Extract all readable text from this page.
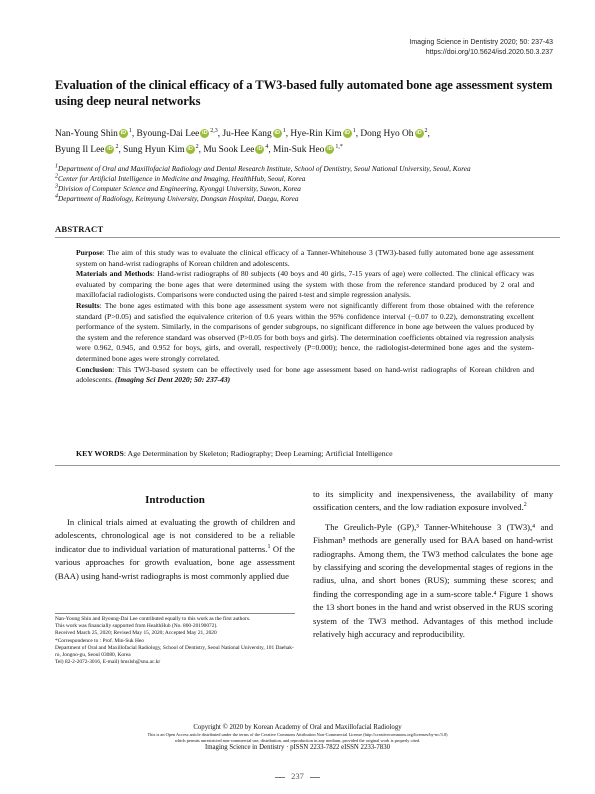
Imaging Science in Dentistry 2020; 50: 237-43
https://doi.org/10.5624/isd.2020.50.3.237
Evaluation of the clinical efficacy of a TW3-based fully automated bone age assessment system using deep neural networks
Nan-Young Shin iD $^1$, Byoung-Dai Lee iD $^{2,3}$, Ju-Hee Kang iD $^1$, Hye-Rin Kim iD $^1$, Dong Hyo Oh iD $^2$,
Byung Il Lee iD $^2$, Sung Hyun Kim iD $^2$, Mu Sook Lee iD $^4$, Min-Suk Heo iD $^{1,*}$
$^1$Department of Oral and Maxillofacial Radiology and Dental Research Institute, School of Dentistry, Seoul National University, Seoul, Korea
$^2$Center for Artificial Intelligence in Medicine and Imaging, HealthHub, Seoul, Korea
$^3$Division of Computer Science and Engineering, Kyonggi University, Suwon, Korea
$^4$Department of Radiology, Keimyung University, Dongsan Hospital, Daegu, Korea
ABSTRACT

Purpose: The aim of this study was to evaluate the clinical efficacy of a Tanner-Whitehouse 3 (TW3)-based fully automated bone age assessment system on hand-wrist radiographs of Korean children and adolescents.

Materials and Methods: Hand-wrist radiographs of 80 subjects (40 boys and 40 girls, 7-15 years of age) were collected. The clinical efficacy was evaluated by comparing the bone ages that were determined using the system with those from the reference standard produced by 2 oral and maxillofacial radiologists. Comparisons were conducted using the paired t-test and simple regression analysis.

Results: The bone ages estimated with this bone age assessment system were not significantly different from those obtained with the reference standard (P>0.05) and satisfied the equivalence criterion of 0.6 years within the 95% confidence interval (−0.07 to 0.22), demonstrating excellent performance of the system. Similarly, in the comparisons of gender subgroups, no significant difference in bone age between the values produced by the system and the reference standard was observed (P>0.05 for both boys and girls). The determination coefficients obtained via regression analysis were 0.962, 0.945, and 0.952 for boys, girls, and overall, respectively (P=0.000); hence, the radiologist-determined bone ages and the system-determined bone ages were strongly correlated.

Conclusion: This TW3-based system can be effectively used for bone age assessment based on hand-wrist radiographs of Korean children and adolescents. (Imaging Sci Dent 2020; 50: 237-43)

KEY WORDS: Age Determination by Skeleton; Radiography; Deep Learning; Artificial Intelligence
Introduction

In clinical trials aimed at evaluating the growth of children and adolescents, chronological age is not considered to be a reliable indicator due to individual variation of maturational patterns.$^1$ Of the various approaches for growth evaluation, bone age assessment (BAA) using hand-wrist radiographs is most commonly applied due

to its simplicity and inexpensiveness, the availability of many ossification centers, and the low radiation exposure involved.$^2$

The Greulich-Pyle (GP),³ Tanner-Whitehouse 3 (TW3),⁴ and Fishman⁵ methods are generally used for BAA based on hand-wrist radiographs. Among them, the TW3 method calculates the bone age by classifying and scoring the developmental stages of regions in the radius, ulna, and short bones (RUS); summing these scores; and finding the corresponding age in a sum-score table.⁴ Figure 1 shows the 13 short bones in the hand and wrist observed in the RUS scoring system of the TW3 method. Advantages of this method include relatively high accuracy and reproducibility.

Nan-Young Shin and Byoung-Dai Lee contributed equally to this work as the first authors.
This work was financially supported from HealthHub (No. 800-20190072).
Received March 25, 2020; Revised May 15, 2020; Accepted May 21, 2020
*Correspondence to : Prof. Min-Suk Heo
Department of Oral and Maxillofacial Radiology, School of Dentistry, Seoul National University, 101 Daehak-ro, Jongno-gu, Seoul 03080, Korea
Tel) 82-2-2072-3016, E-mail) hmslsh@snu.ac.kr
Copyright © 2020 by Korean Academy of Oral and Maxillofacial Radiology
This is an Open Access article distributed under the terms of the Creative Commons Attribution Non-Commercial License (http://creativecommons.org/licenses/by-nc/3.0)
which permits unrestricted non-commercial use, distribution, and reproduction in any medium, provided the original work is properly cited.
Imaging Science in Dentistry · pISSN 2233-7822 eISSN 2233-7830
237
